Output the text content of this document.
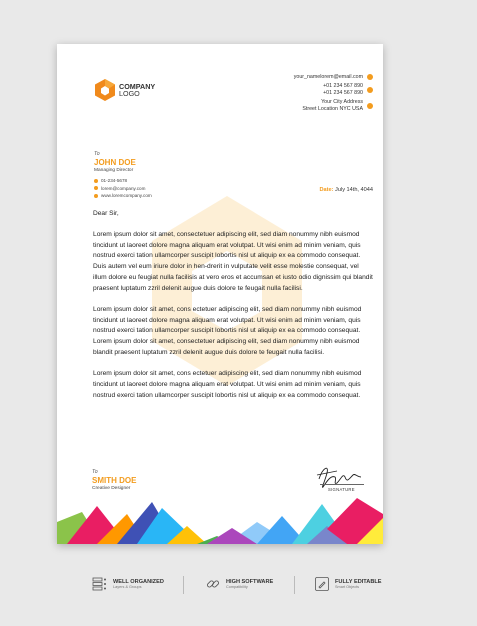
COMPANY
LOGO
your_namelorem@email.com
+01 234 567 890
+01 234 567 890
Your City Address
Street Location NYC USA
To
JOHN DOE
Managing Director
01-234-5678
lorem@company.com
www.loremcompany.com
Date: July 14th, 4044
Dear Sir,

Lorem ipsum dolor sit amet, consectetuer adipiscing elit, sed diam nonummy nibh euismod tincidunt ut laoreet dolore magna aliquam erat volutpat. Ut wisi enim ad minim veniam, quis nostrud exerci tation ullamcorper suscipit lobortis nisl ut aliquip ex ea commodo consequat. Duis autem vel eum iriure dolor in hen-drerit in vulputate velit esse molestie consequat, vel illum dolore eu feugiat nulla facilisis at vero eros et accumsan et iusto odio dignissim qui blandit praesent luptatum zzril delenit augue duis dolore te feugait nulla facilisi.

Lorem ipsum dolor sit amet, cons ectetuer adipiscing elit, sed diam nonummy nibh euismod tincidunt ut laoreet dolore magna aliquam erat volutpat. Ut wisi enim ad minim veniam, quis nostrud exerci tation ullamcorper suscipit lobortis nisl ut aliquip ex ea commodo consequat. Lorem ipsum dolor sit amet, consectetuer adipiscing elit, sed diam nonummy nibh euismod blandit praesent luptatum zzril delenit augue duis dolore te feugait nulla facilisi.

Lorem ipsum dolor sit amet, cons ectetuer adipiscing elit, sed diam nonummy nibh euismod tincidunt ut laoreet dolore magna aliquam erat volutpat. Ut wisi enim ad minim veniam, quis nostrud exerci tation ullamcorper suscipit lobortis nisl ut aliquip ex ea commodo consequat.

To
SMITH DOE
Creative Designer	SIGNATURE
WELL ORGANIZED
Layers & Groups
HIGH SOFTWARE
Compatibility
FULLY EDITABLE
Smart Objects
